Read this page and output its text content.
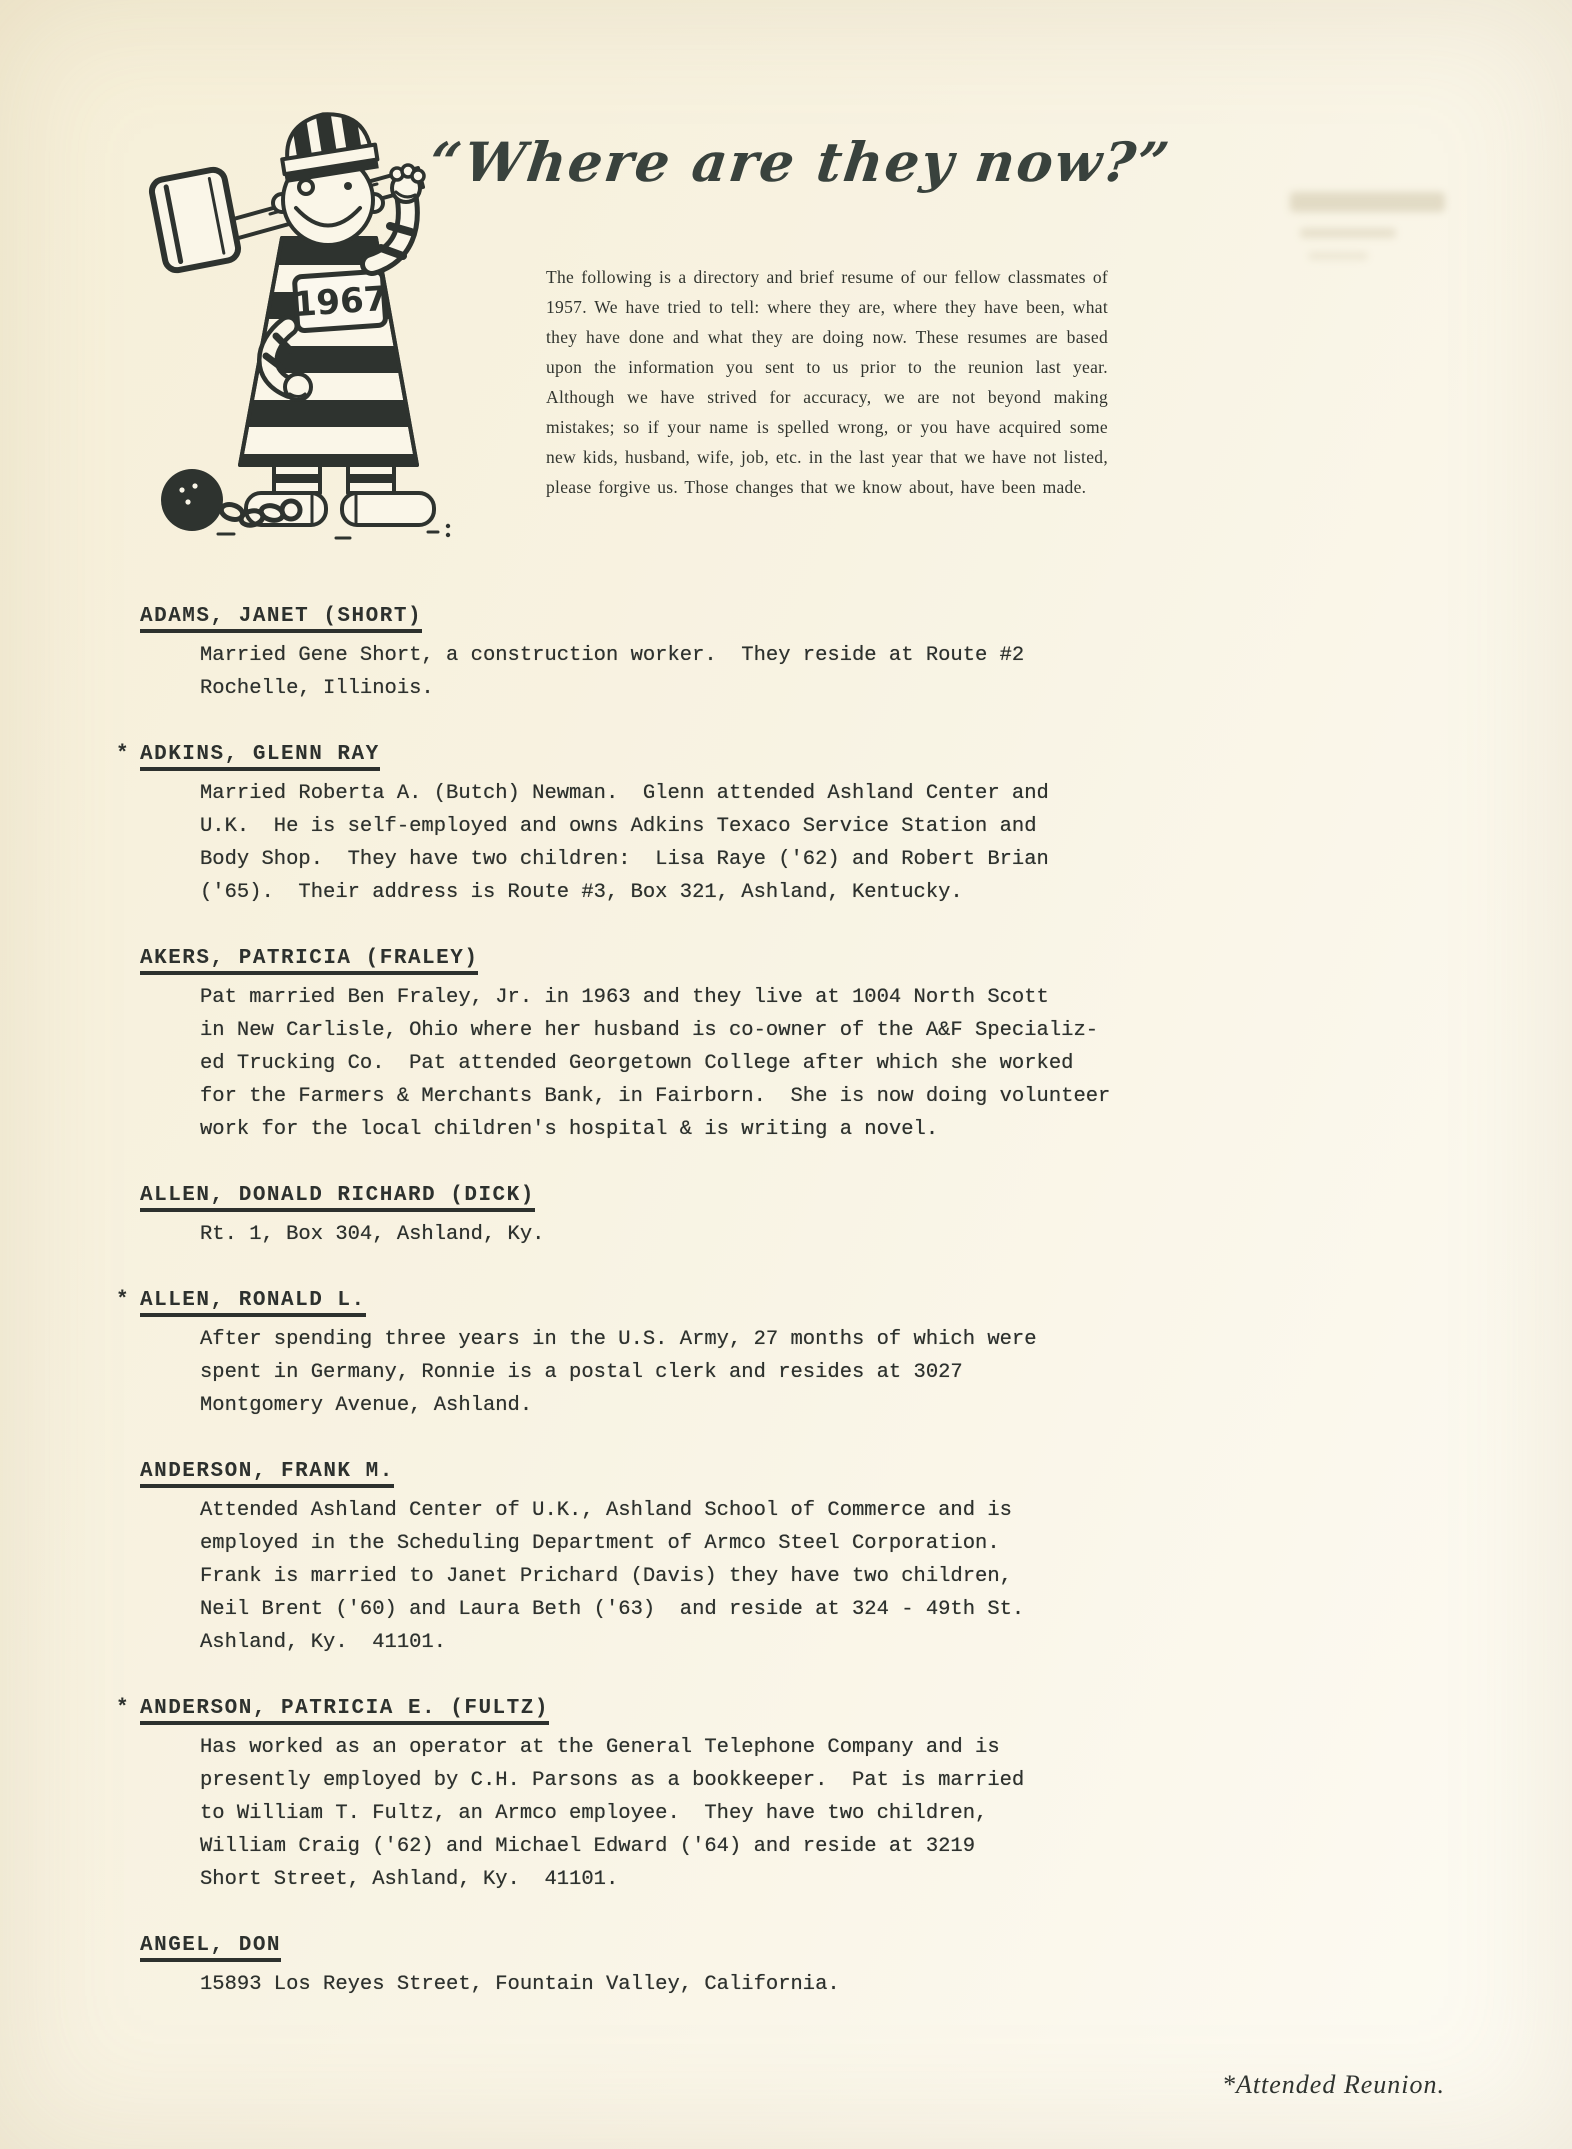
1967
“Where are they now?”

The following is a directory and brief resume of our fellow classmates of 1957. We have tried to tell: where they are, where they have been, what they have done and what they are doing now. These resumes are based upon the information you sent to us prior to the reunion last year. Although we have strived for accuracy, we are not beyond making mistakes; so if your name is spelled wrong, or you have acquired some new kids, husband, wife, job, etc. in the last year that we have not listed, please forgive us. Those changes that we know about, have been made.

ADAMS, JANET (SHORT)
Married Gene Short, a construction worker.  They reside at Route #2
Rochelle, Illinois.
* ADKINS, GLENN RAY
Married Roberta A. (Butch) Newman.  Glenn attended Ashland Center and
U.K.  He is self-employed and owns Adkins Texaco Service Station and
Body Shop.  They have two children:  Lisa Raye ('62) and Robert Brian
('65).  Their address is Route #3, Box 321, Ashland, Kentucky.
AKERS, PATRICIA (FRALEY)
Pat married Ben Fraley, Jr. in 1963 and they live at 1004 North Scott
in New Carlisle, Ohio where her husband is co-owner of the A&F Specializ-
ed Trucking Co.  Pat attended Georgetown College after which she worked
for the Farmers & Merchants Bank, in Fairborn.  She is now doing volunteer
work for the local children's hospital & is writing a novel.
ALLEN, DONALD RICHARD (DICK)
Rt. 1, Box 304, Ashland, Ky.
* ALLEN, RONALD L.
After spending three years in the U.S. Army, 27 months of which were
spent in Germany, Ronnie is a postal clerk and resides at 3027
Montgomery Avenue, Ashland.
ANDERSON, FRANK M.
Attended Ashland Center of U.K., Ashland School of Commerce and is
employed in the Scheduling Department of Armco Steel Corporation.
Frank is married to Janet Prichard (Davis) they have two children,
Neil Brent ('60) and Laura Beth ('63)  and reside at 324 - 49th St.
Ashland, Ky.  41101.
* ANDERSON, PATRICIA E. (FULTZ)
Has worked as an operator at the General Telephone Company and is
presently employed by C.H. Parsons as a bookkeeper.  Pat is married
to William T. Fultz, an Armco employee.  They have two children,
William Craig ('62) and Michael Edward ('64) and reside at 3219
Short Street, Ashland, Ky.  41101.
ANGEL, DON
15893 Los Reyes Street, Fountain Valley, California.
*Attended Reunion.
